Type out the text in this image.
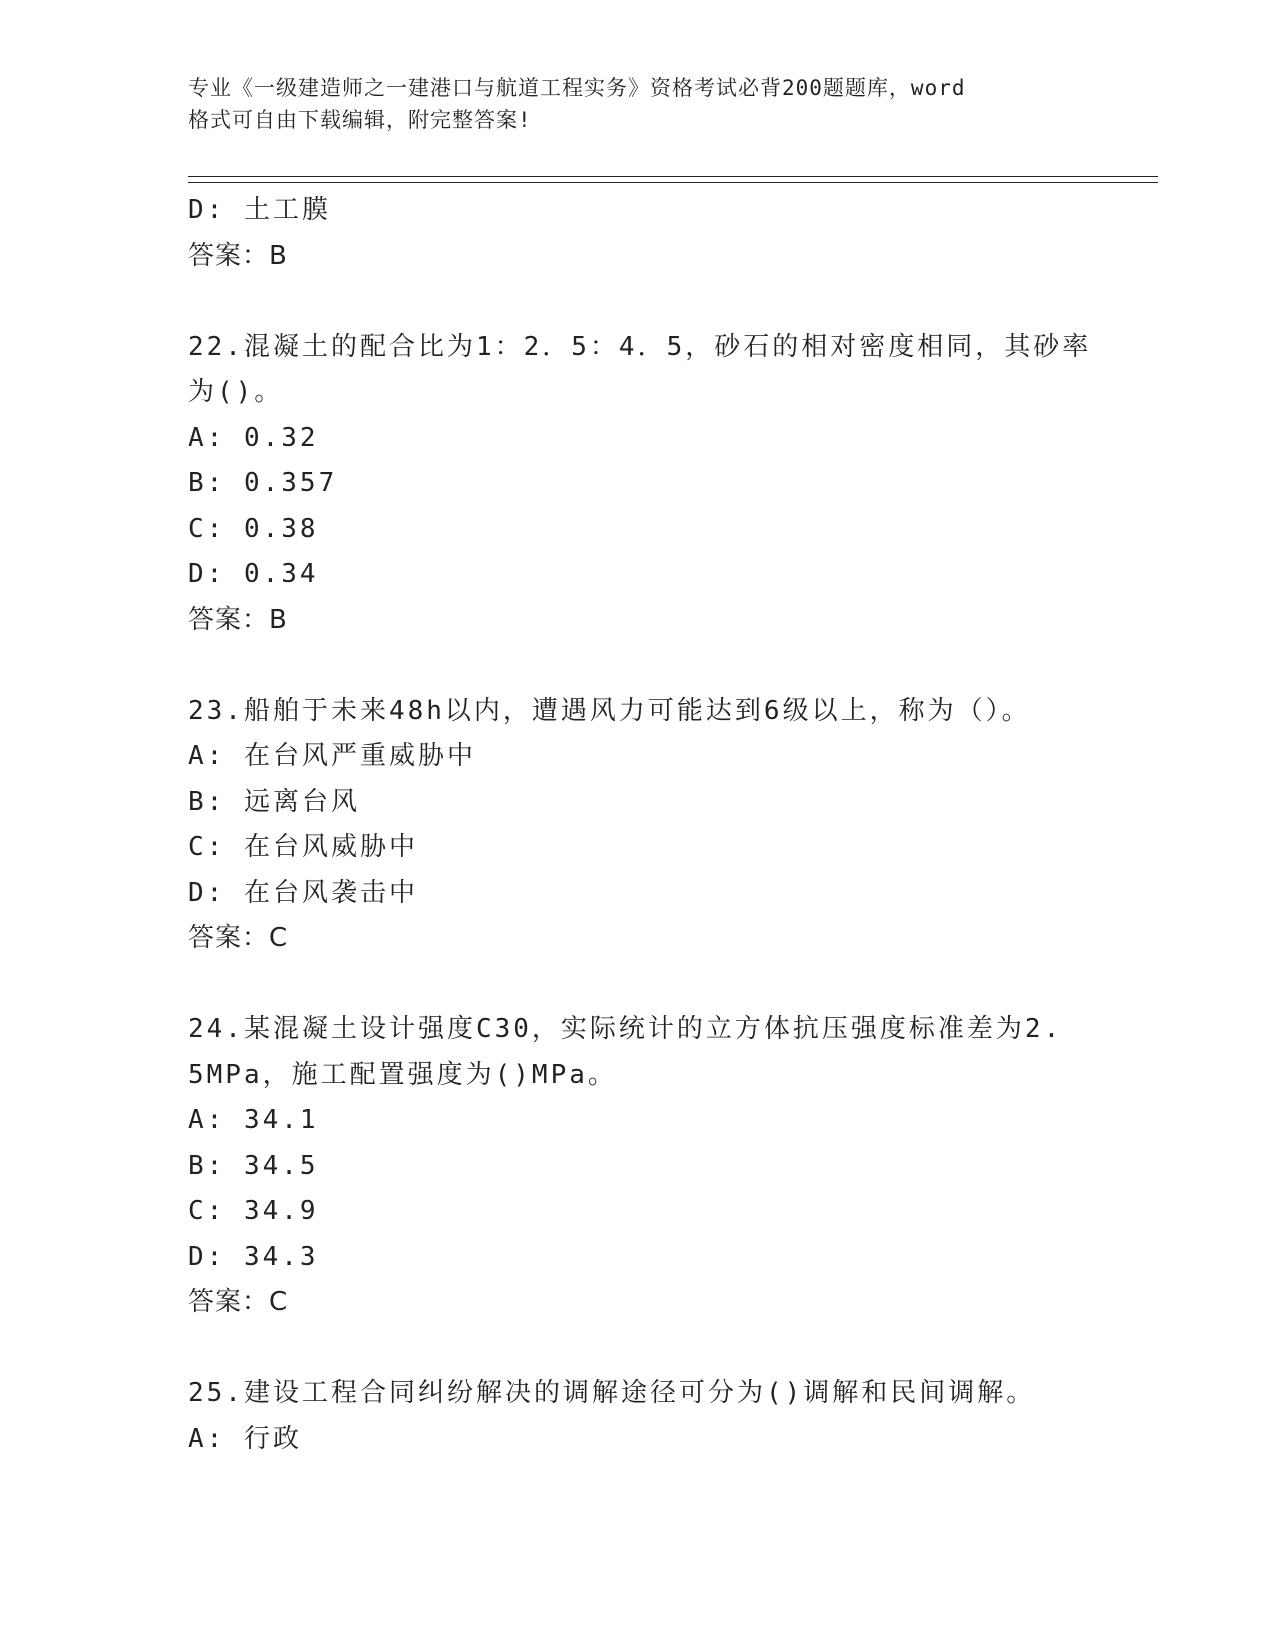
专业《一级建造师之一建港口与航道工程实务》资格考试必背200题题库，word
格式可自由下载编辑，附完整答案!
D: 土工膜
答案：B
22.混凝土的配合比为1：2．5：4．5，砂石的相对密度相同，其砂率
为()。
A: 0.32
B: 0.357
C: 0.38
D: 0.34
答案：B
23.船舶于未来48h以内，遭遇风力可能达到6级以上，称为（）。
A: 在台风严重威胁中
B: 远离台风
C: 在台风威胁中
D: 在台风袭击中
答案：C
24.某混凝土设计强度C30，实际统计的立方体抗压强度标准差为2.
5MPa，施工配置强度为()MPa。
A: 34.1
B: 34.5
C: 34.9
D: 34.3
答案：C
25.建设工程合同纠纷解决的调解途径可分为()调解和民间调解。
A: 行政
